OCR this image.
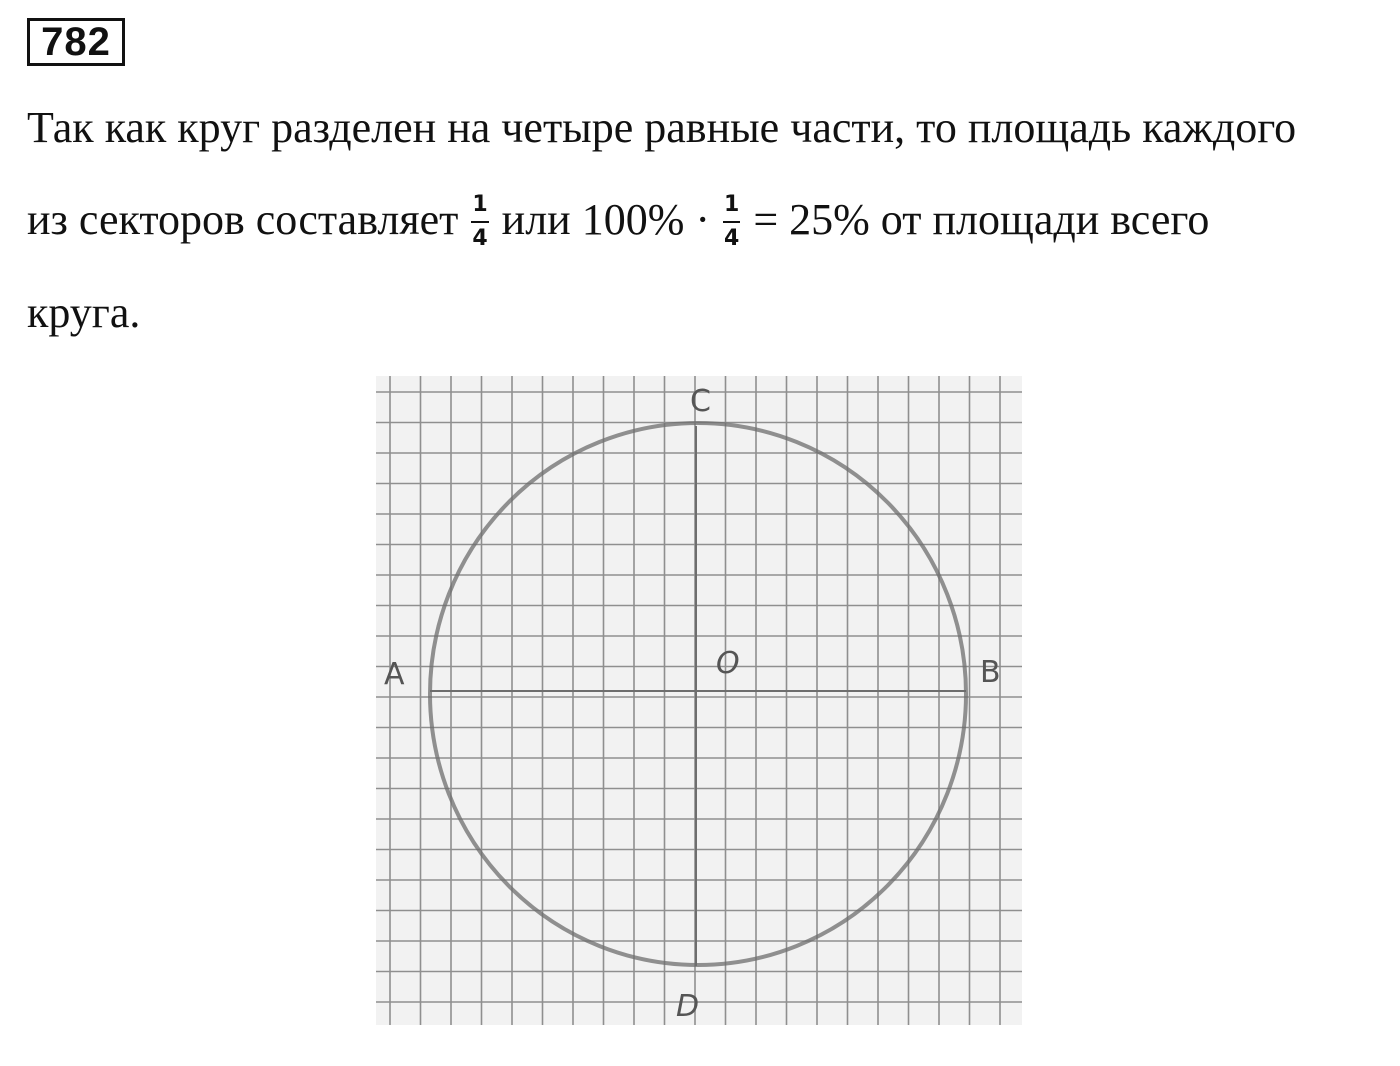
782
Так как круг разделен на четыре равные части, то площадь каждого
из секторов составляет $\frac{1}{4}$ или $100\% \cdot \frac{1}{4} = 25\%$ от площади всего
круга.
C
A	B
O
D
